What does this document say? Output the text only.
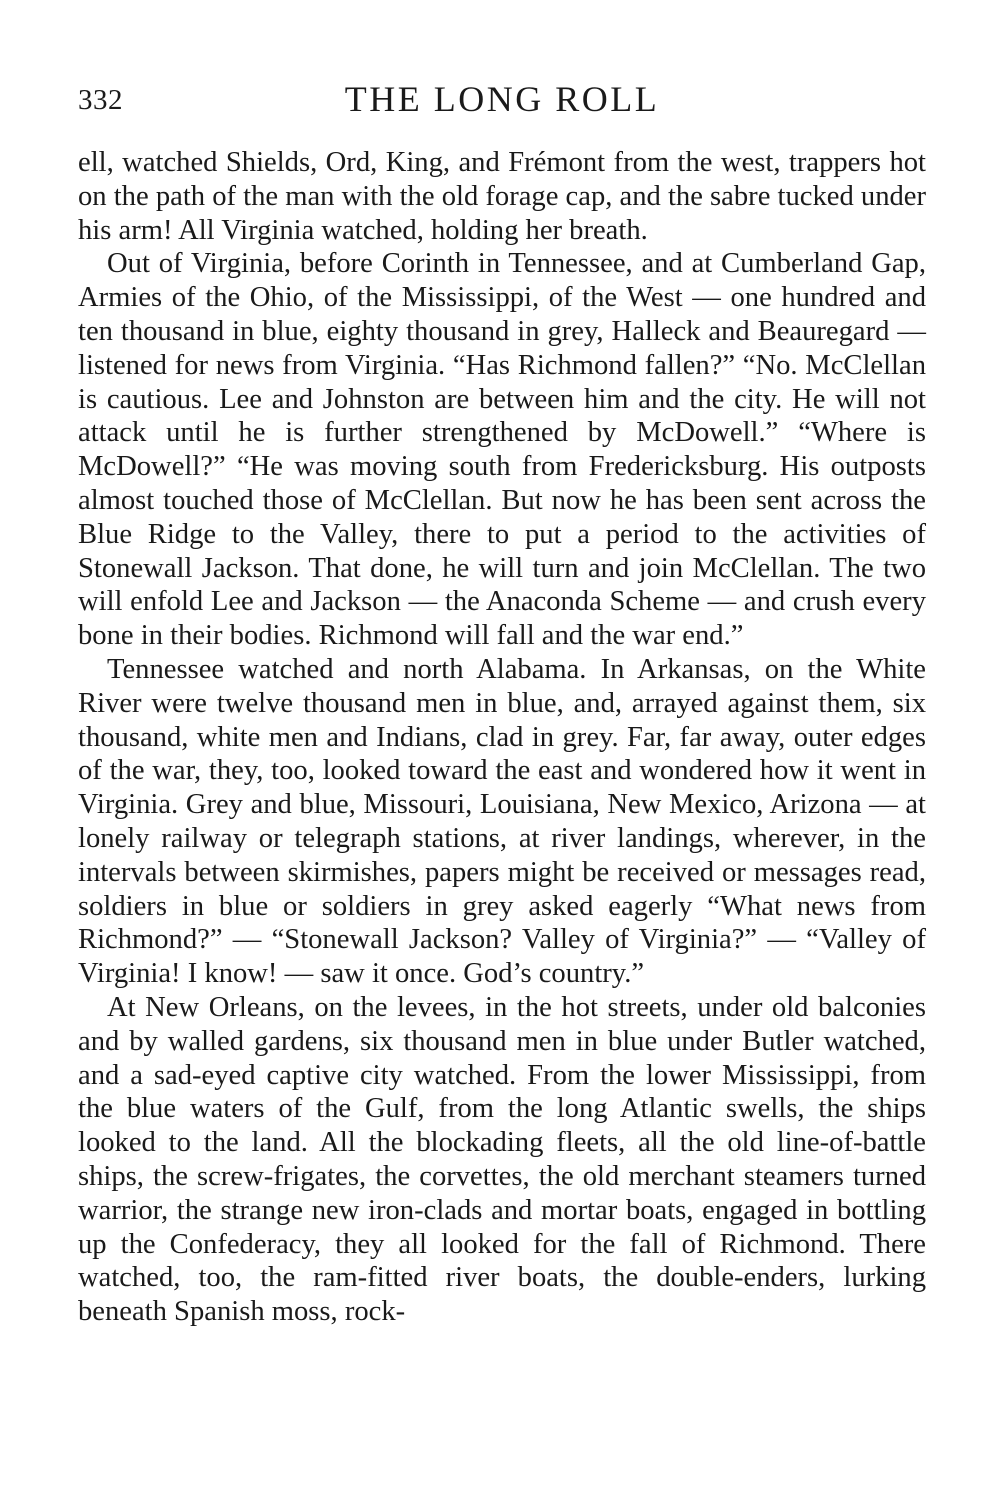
332	THE LONG ROLL

ell, watched Shields, Ord, King, and Frémont from the west, trappers hot on the path of the man with the old forage cap, and the sabre tucked under his arm! All Virginia watched, holding her breath.

Out of Virginia, before Corinth in Tennessee, and at Cumberland Gap, Armies of the Ohio, of the Mississippi, of the West — one hundred and ten thousand in blue, eighty thousand in grey, Halleck and Beauregard — listened for news from Virginia. “Has Richmond fallen?” “No. McClellan is cautious. Lee and Johnston are between him and the city. He will not attack until he is further strengthened by McDowell.” “Where is McDowell?” “He was moving south from Fredericksburg. His outposts almost touched those of McClellan. But now he has been sent across the Blue Ridge to the Valley, there to put a period to the activities of Stonewall Jackson. That done, he will turn and join McClellan. The two will enfold Lee and Jackson — the Anaconda Scheme — and crush every bone in their bodies. Richmond will fall and the war end.”

Tennessee watched and north Alabama. In Arkansas, on the White River were twelve thousand men in blue, and, arrayed against them, six thousand, white men and Indians, clad in grey. Far, far away, outer edges of the war, they, too, looked toward the east and wondered how it went in Virginia. Grey and blue, Missouri, Louisiana, New Mexico, Arizona — at lonely railway or telegraph stations, at river landings, wherever, in the intervals between skirmishes, papers might be received or messages read, soldiers in blue or soldiers in grey asked eagerly “What news from Richmond?” — “Stonewall Jackson? Valley of Virginia?” — “Valley of Virginia! I know! — saw it once. God’s country.”

At New Orleans, on the levees, in the hot streets, under old balconies and by walled gardens, six thousand men in blue under Butler watched, and a sad-eyed captive city watched. From the lower Mississippi, from the blue waters of the Gulf, from the long Atlantic swells, the ships looked to the land. All the blockading fleets, all the old line-of-battle ships, the screw-frigates, the corvettes, the old merchant steamers turned warrior, the strange new iron-clads and mortar boats, engaged in bottling up the Confederacy, they all looked for the fall of Richmond. There watched, too, the ram-fitted river boats, the double-enders, lurking beneath Spanish moss, rock-
